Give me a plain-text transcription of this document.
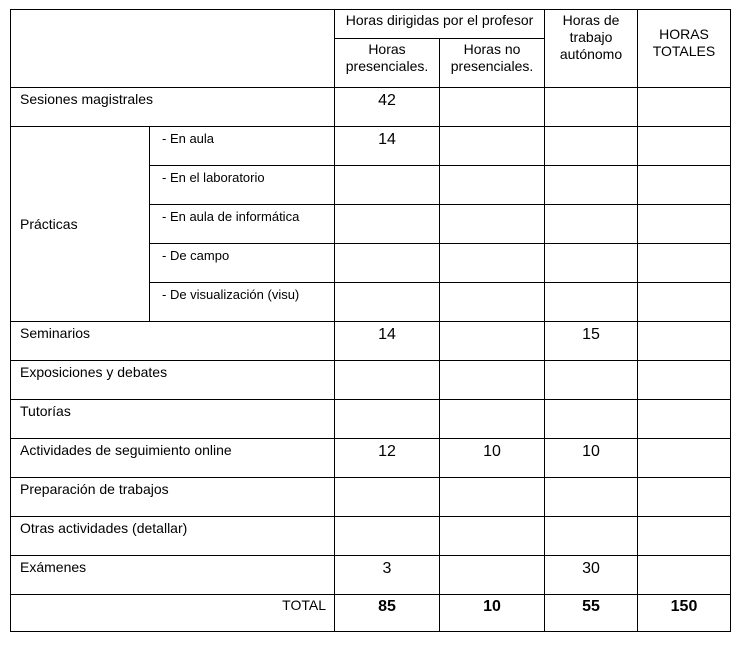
		Horas dirigidas por el profesor		Horas de trabajo autónomo	HORAS TOTALES
		Horas presenciales.	Horas no presenciales.		
Sesiones magistrales		42			
Prácticas	- En aula	14			
	- En el laboratorio				
	- En aula de informática				
	- De campo				
	- De visualización (visu)				
Seminarios		14		15	
Exposiciones y debates					
Tutorías					
Actividades de seguimiento online		12	10	10	
Preparación de trabajos					
Otras actividades (detallar)					
Exámenes		3		30	
TOTAL		85	10	55	150
